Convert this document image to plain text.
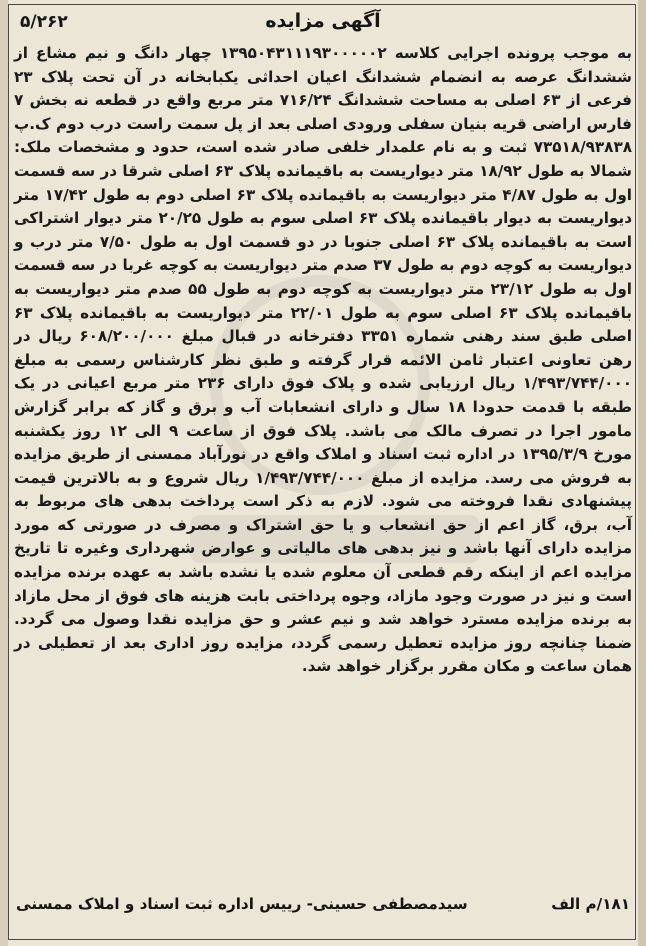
آگهی مزایده
۵/۲۶۲
به موجب پرونده اجرایی کلاسه ۱۳۹۵۰۴۳۱۱۱۹۳۰۰۰۰۰۲ چهار دانگ و نیم مشاع از ششدانگ عرصه به انضمام ششدانگ اعیان احداثی یکبابخانه در آن تحت پلاک ۲۳ فرعی از ۶۳ اصلی به مساحت ششدانگ ۷۱۶/۲۴ متر مربع واقع در قطعه نه بخش ۷ فارس اراضی قریه بنیان سفلی ورودی اصلی بعد از پل سمت راست درب دوم ک.پ ۷۳۵۱۸/۹۳۸۳۸ ثبت و به نام علمدار خلفی صادر شده است، حدود و مشخصات ملک: شمالا به طول ۱۸/۹۲ متر دیواریست به باقیمانده پلاک ۶۳ اصلی شرقا در سه قسمت اول به طول ۴/۸۷ متر دیواریست به باقیمانده پلاک ۶۳ اصلی دوم به طول ۱۷/۴۲ متر دیواریست به دیوار باقیمانده پلاک ۶۳ اصلی سوم به طول ۲۰/۲۵ متر دیوار اشتراکی است به باقیمانده پلاک ۶۳ اصلی جنوبا در دو قسمت اول به طول ۷/۵۰ متر درب و دیواریست به کوچه دوم به طول ۳۷ صدم متر دیواریست به کوچه غربا در سه قسمت اول به طول ۲۳/۱۲ متر دیواریست به کوچه دوم به طول ۵۵ صدم متر دیواریست به باقیمانده پلاک ۶۳ اصلی سوم به طول ۲۲/۰۱ متر دیواریست به باقیمانده پلاک ۶۳ اصلی طبق سند رهنی شماره ۳۳۵۱ دفترخانه در قبال مبلغ ۶۰۸/۲۰۰/۰۰۰ ریال در رهن تعاونی اعتبار ثامن الائمه قرار گرفته و طبق نظر کارشناس رسمی به مبلغ ۱/۴۹۳/۷۴۴/۰۰۰ ریال ارزیابی شده و پلاک فوق دارای ۲۳۶ متر مربع اعیانی در یک طبقه با قدمت حدودا ۱۸ سال و دارای انشعابات آب و برق و گاز که برابر گزارش مامور اجرا در تصرف مالک می باشد. پلاک فوق از ساعت ۹ الی ۱۲ روز یکشنبه مورخ ۱۳۹۵/۳/۹ در اداره ثبت اسناد و املاک واقع در نورآباد ممسنی از طریق مزایده به فروش می رسد. مزایده از مبلغ ۱/۴۹۳/۷۴۴/۰۰۰ ریال شروع و به بالاترین قیمت پیشنهادی نقدا فروخته می شود. لازم به ذکر است پرداخت بدهی های مربوط به آب، برق، گاز اعم از حق انشعاب و یا حق اشتراک و مصرف در صورتی که مورد مزایده دارای آنها باشد و نیز بدهی های مالیاتی و عوارض شهرداری وغیره تا تاریخ مزایده اعم از اینکه رقم قطعی آن معلوم شده یا نشده باشد به عهده برنده مزایده است و نیز در صورت وجود مازاد، وجوه پرداختی بابت هزینه های فوق از محل مازاد به برنده مزایده مسترد خواهد شد و نیم عشر و حق مزایده نقدا وصول می گردد. ضمنا چنانچه روز مزایده تعطیل رسمی گردد، مزایده روز اداری بعد از تعطیلی در همان ساعت و مکان مقرر برگزار خواهد شد.
۱۸۱/م الف
سیدمصطفی حسینی- رییس اداره ثبت اسناد و املاک ممسنی
